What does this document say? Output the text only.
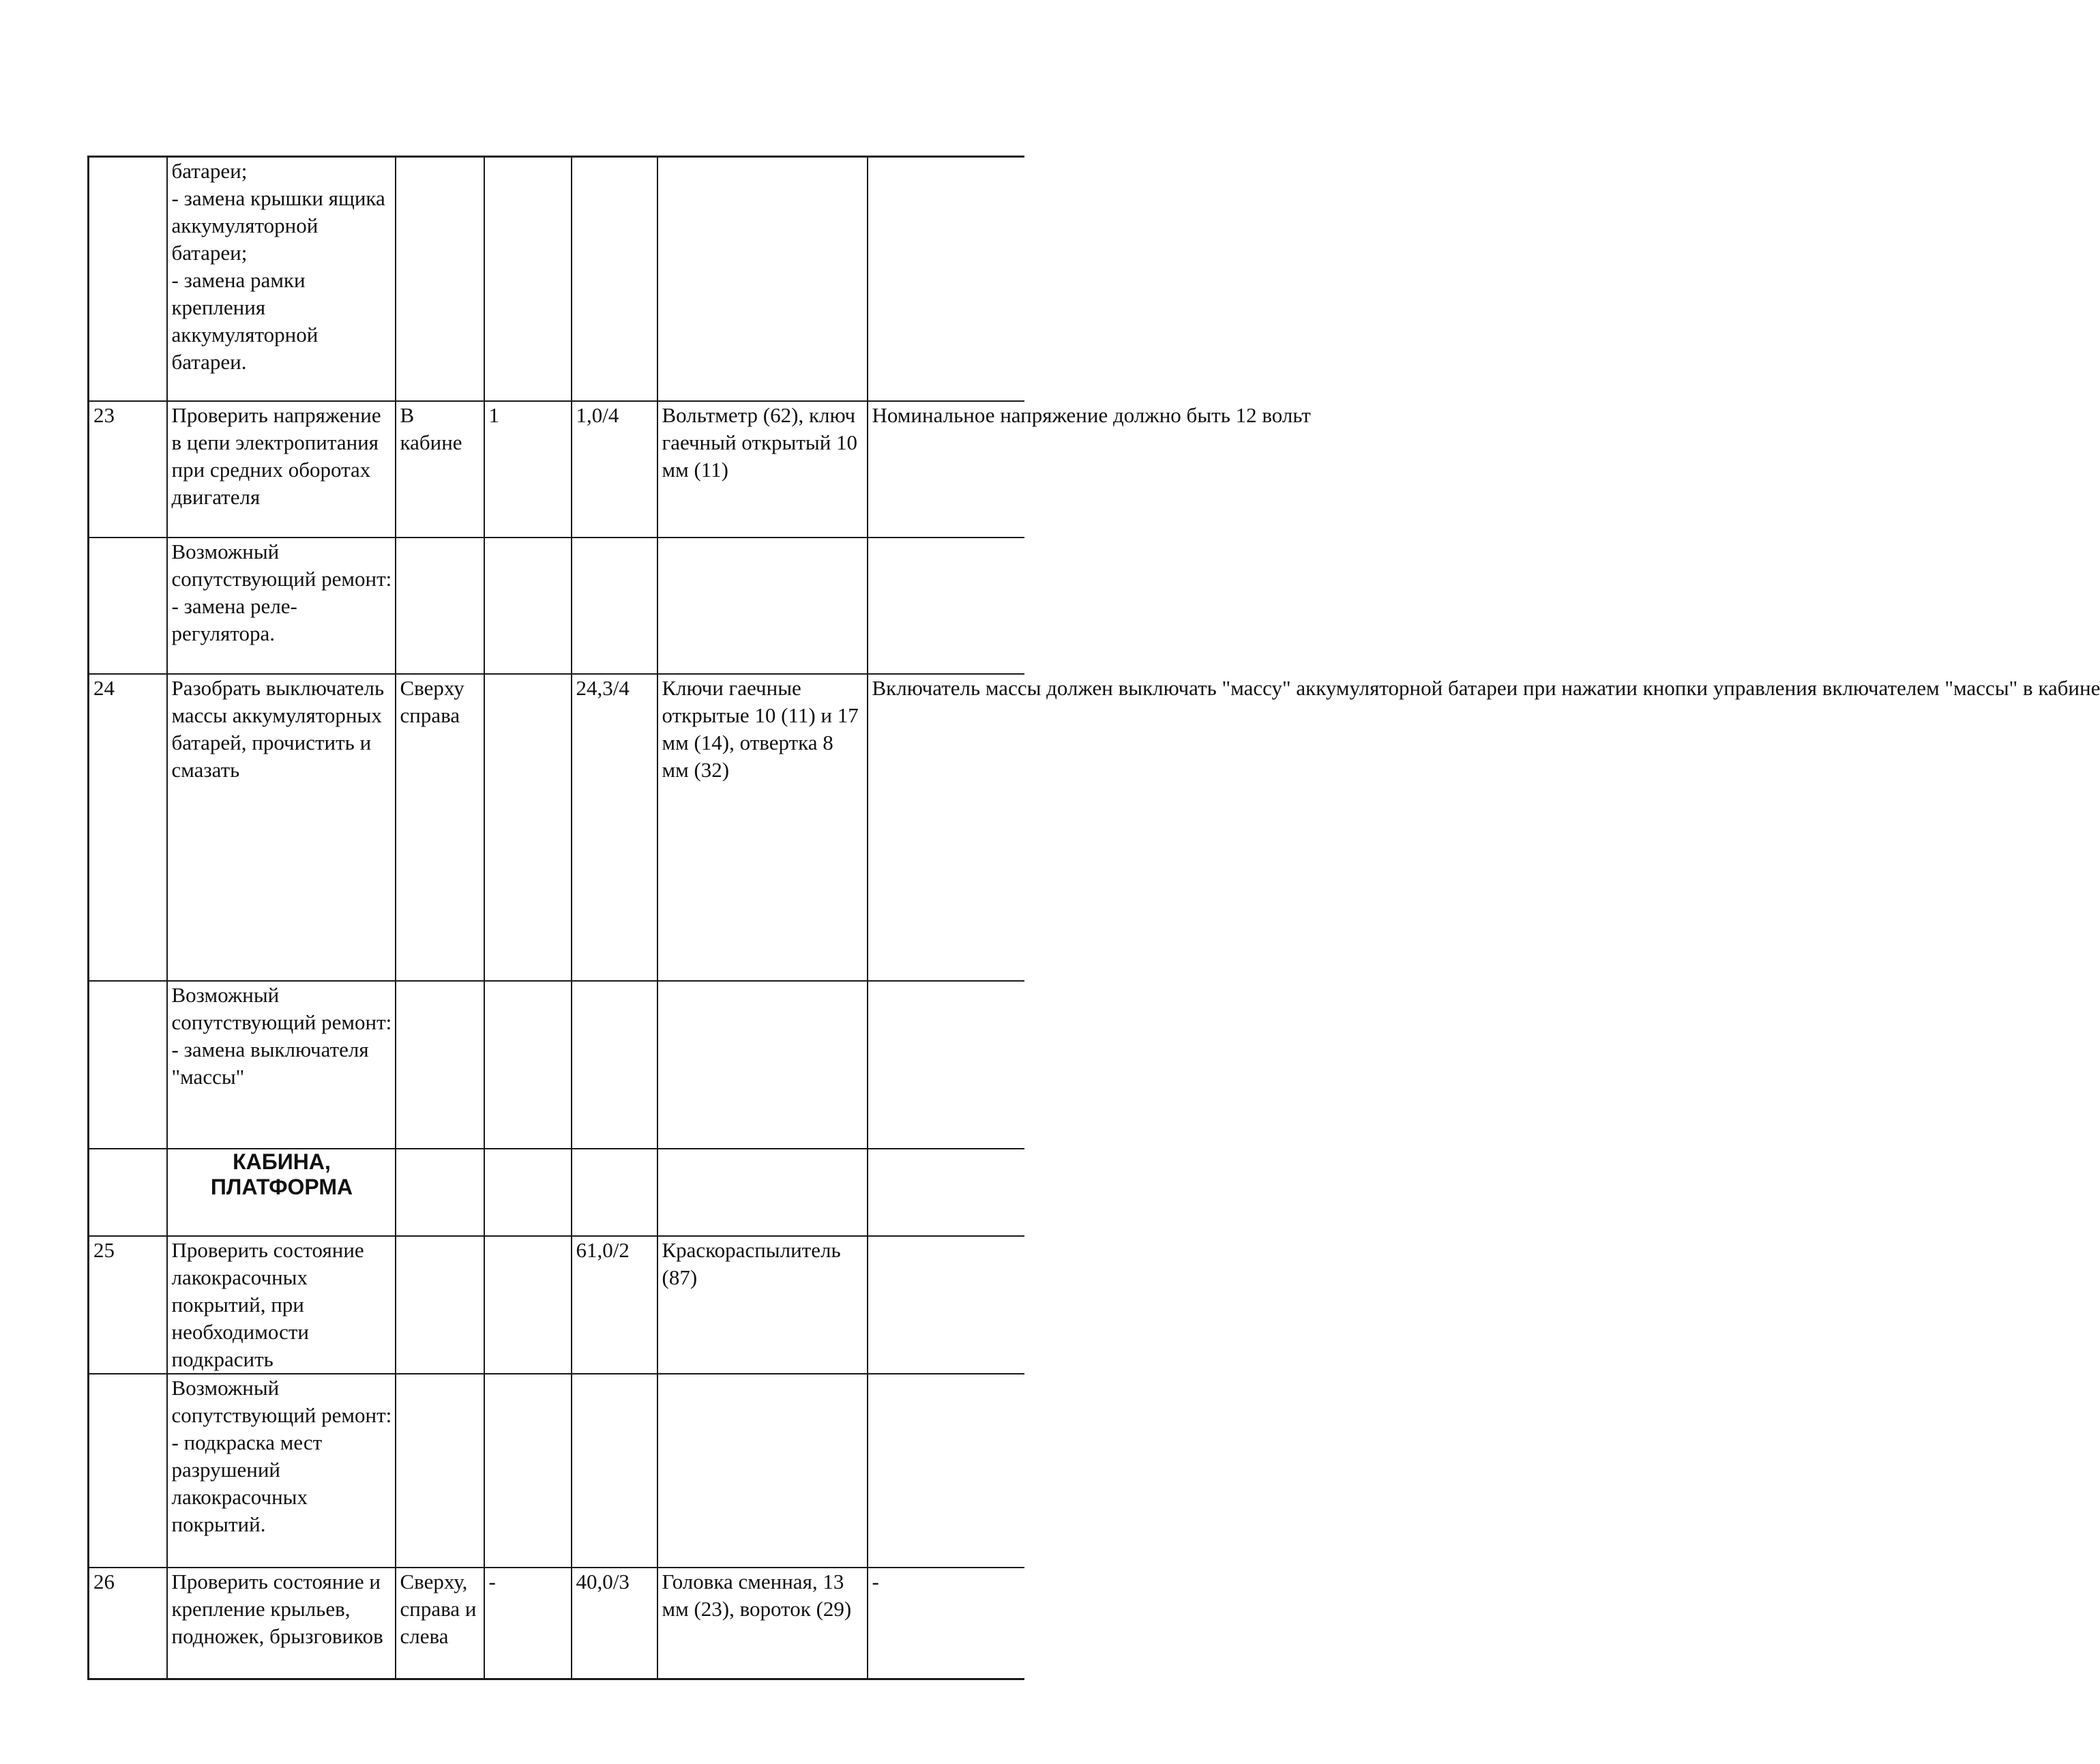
	батареи;
- замена крышки ящика аккумуляторной батареи;
- замена рамки крепления аккумуляторной батареи.					
23	Проверить напряжение в цепи электропитания при средних оборотах двигателя	В кабине	1	1,0/4	Вольтметр (62), ключ гаечный открытый 10 мм (11)	Номинальное напряжение должно быть 12 вольт
	Возможный сопутствующий ремонт:
- замена реле-регулятора.					
24	Разобрать выключатель массы аккумуляторных батарей, прочистить и смазать	Сверху справа		24,3/4	Ключи гаечные открытые 10 (11) и 17 мм (14), отвертка 8 мм (32)	Включатель массы должен выключать "массу" аккумуляторной батареи при нажатии кнопки управления включателем "массы" в кабине
	Возможный сопутствующий ремонт:
- замена выключателя "массы"					
	КАБИНА,
ПЛАТФОРМА					
25	Проверить состояние лакокрасочных покрытий, при необходимости подкрасить			61,0/2	Краскораспылитель (87)	
	Возможный сопутствующий ремонт:
- подкраска мест разрушений лакокрасочных покрытий.					
26	Проверить состояние и крепление крыльев, подножек, брызговиков	Сверху, справа и слева	-	40,0/3	Головка сменная, 13 мм (23), вороток (29)	-
